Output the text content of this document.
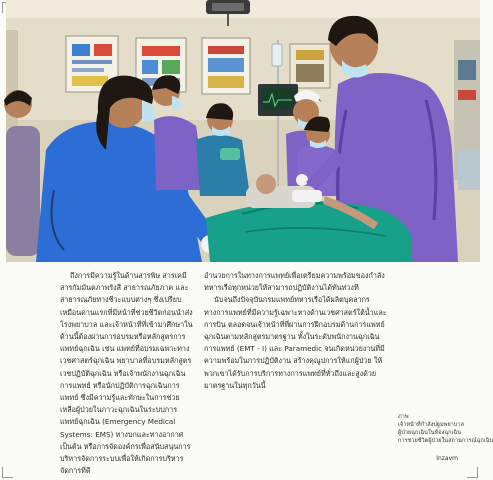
ถึงการมีความรู้ในด้านสารพิษ สารเคมี สารกัมมันตภาพรังสี สาธารณภัยภาค และสาธารณภัยทางชีวะแบบต่างๆ ซึ่งเปรียบเหมือนด่านแรกที่มีหน้าที่ช่วยชีวิตก่อนนำส่งโรงพยาบาล และเจ้าหน้าที่ที่เข้ามาศึกษาในด้านนี้ต้องผ่านการอบรมหรือหลักสูตรการแพทย์ฉุกเฉิน เช่น แพทย์ที่อบรมเฉพาะทางเวชศาสตร์ฉุกเฉิน พยาบาลที่อบรมหลักสูตรเวชปฏิบัติฉุกเฉิน หรือเจ้าพนักงานฉุกเฉินการแพทย์ หรือนักปฏิบัติการฉุกเฉินการแพทย์ ซึ่งมีความรู้และทักษะในการช่วยเหลือผู้ป่วยในภาวะฉุกเฉินในระบบการแพทย์ฉุกเฉิน (Emergency Medical Systems: EMS) ทางบกและทางอากาศ เป็นต้น หรือการจัดองค์กรเพื่อสนับสนุนการบริหารจัดการระบบเพื่อให้เกิดการบริหารจัดการที่ดี

อำนวยการในทางการแพทย์เพื่อเตรียมความพร้อมของกำลังทหารเรือทุกหน่วยให้สามารถปฏิบัติงานได้ทันท่วงที

นับจนถึงปัจจุบันกรมแพทย์ทหารเรือได้ผลิตบุคลากรทางการแพทย์ที่มีความรู้เฉพาะทางด้านเวชศาสตร์ใต้น้ำและการบิน ตลอดจนเจ้าหน้าที่ที่ผ่านการฝึกอบรมด้านการแพทย์ฉุกเฉินตามหลักสูตรมาตรฐาน ทั้งในระดับพนักงานฉุกเฉินการแพทย์ (EMT - I) และ Paramedic จนเกิดหน่วยงานที่มีความพร้อมในการปฏิบัติงาน สร้างคุณูปการให้แก่ผู้ป่วย ให้พวกเขาได้รับการบริการทางการแพทย์ที่ทั่วถึงและสูงด้วยมาตรฐานในทุกวันนี้

ภาพ
เจ้าหน้าที่กำลังปฐมพยาบาล
ผู้ป่วยฉุกเฉินในห้องฉุกเฉิน
การช่วยชีวิตผู้ป่วยในสถานการณ์ฉุกเฉิน
Inzavm
